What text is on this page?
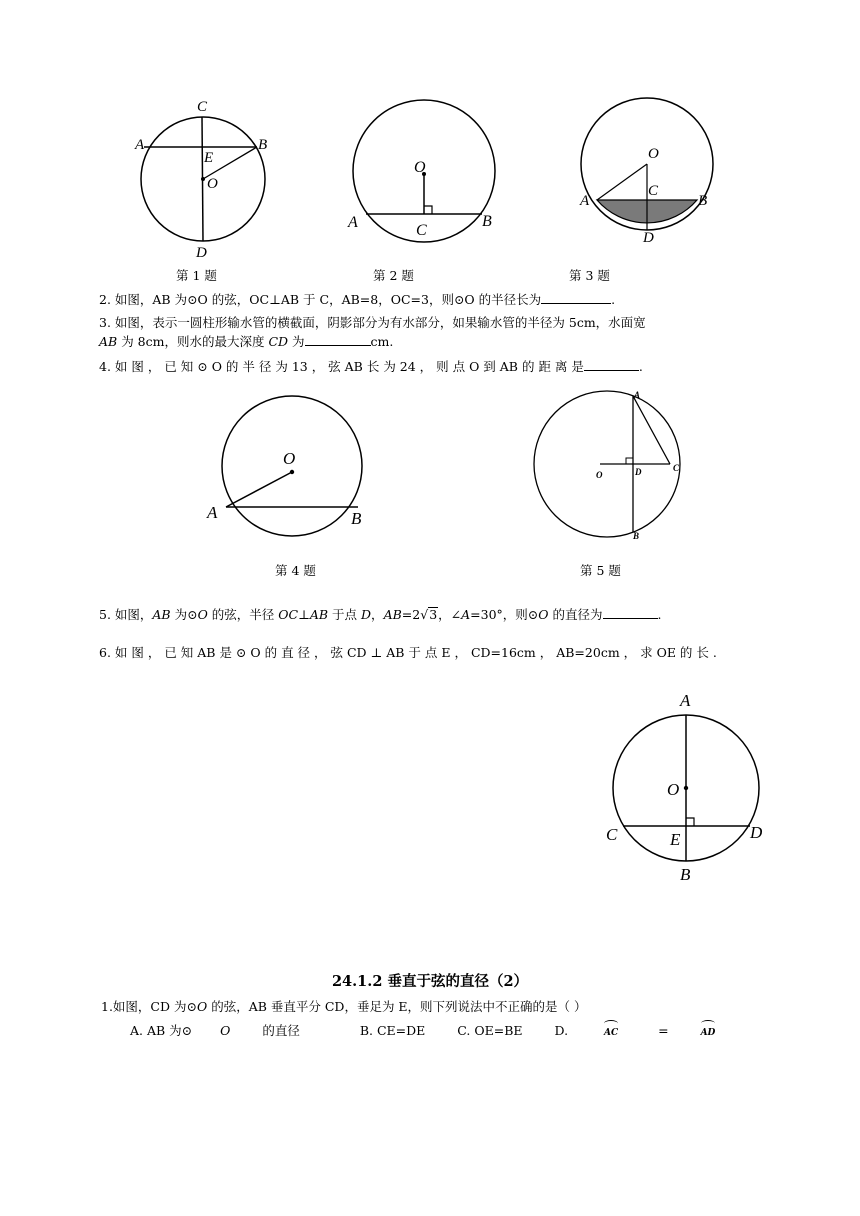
C
A	B
E
O
D
O
A	C
B
O
A
C
B
D
第 1 题	第 2 题	第 3 题
2. 如图，AB 为⊙O 的弦，OC⊥AB 于 C，AB=8，OC=3，则⊙O 的半径长为	.
3. 如图，表示一圆柱形输水管的横截面，阴影部分为有水部分，如果输水管的半径为 5cm，水面宽
AB 为 8cm，则水的最大深度 CD 为	cm.
4. 如 图 ， 已 知 ⊙ O 的 半 径 为 13 ， 弦 AB 长 为 24 ， 则 点 O 到 AB 的 距 离 是	.
O
A	B
A
O	D	C
B
第 4 题	第 5 题
5. 如图，AB 为⊙O 的弦，半径 OC⊥AB 于点 D，AB=2√3，∠A=30°，则⊙O 的直径为	.
6. 如 图 ， 已 知 AB 是 ⊙ O 的 直 径 ， 弦 CD ⊥ AB 于 点 E ， CD=16cm ， AB=20cm ， 求 OE 的 长 .
A
O
C	E	D
B
24.1.2 垂直于弦的直径（2）
1.如图，CD 为⊙O 的弦，AB 垂直平分 CD，垂足为 E，则下列说法中不正确的是（ ）
A. AB 为⊙ O 的直径	B. CE=DE	C. OE=BE	D.	AC	=	AD
